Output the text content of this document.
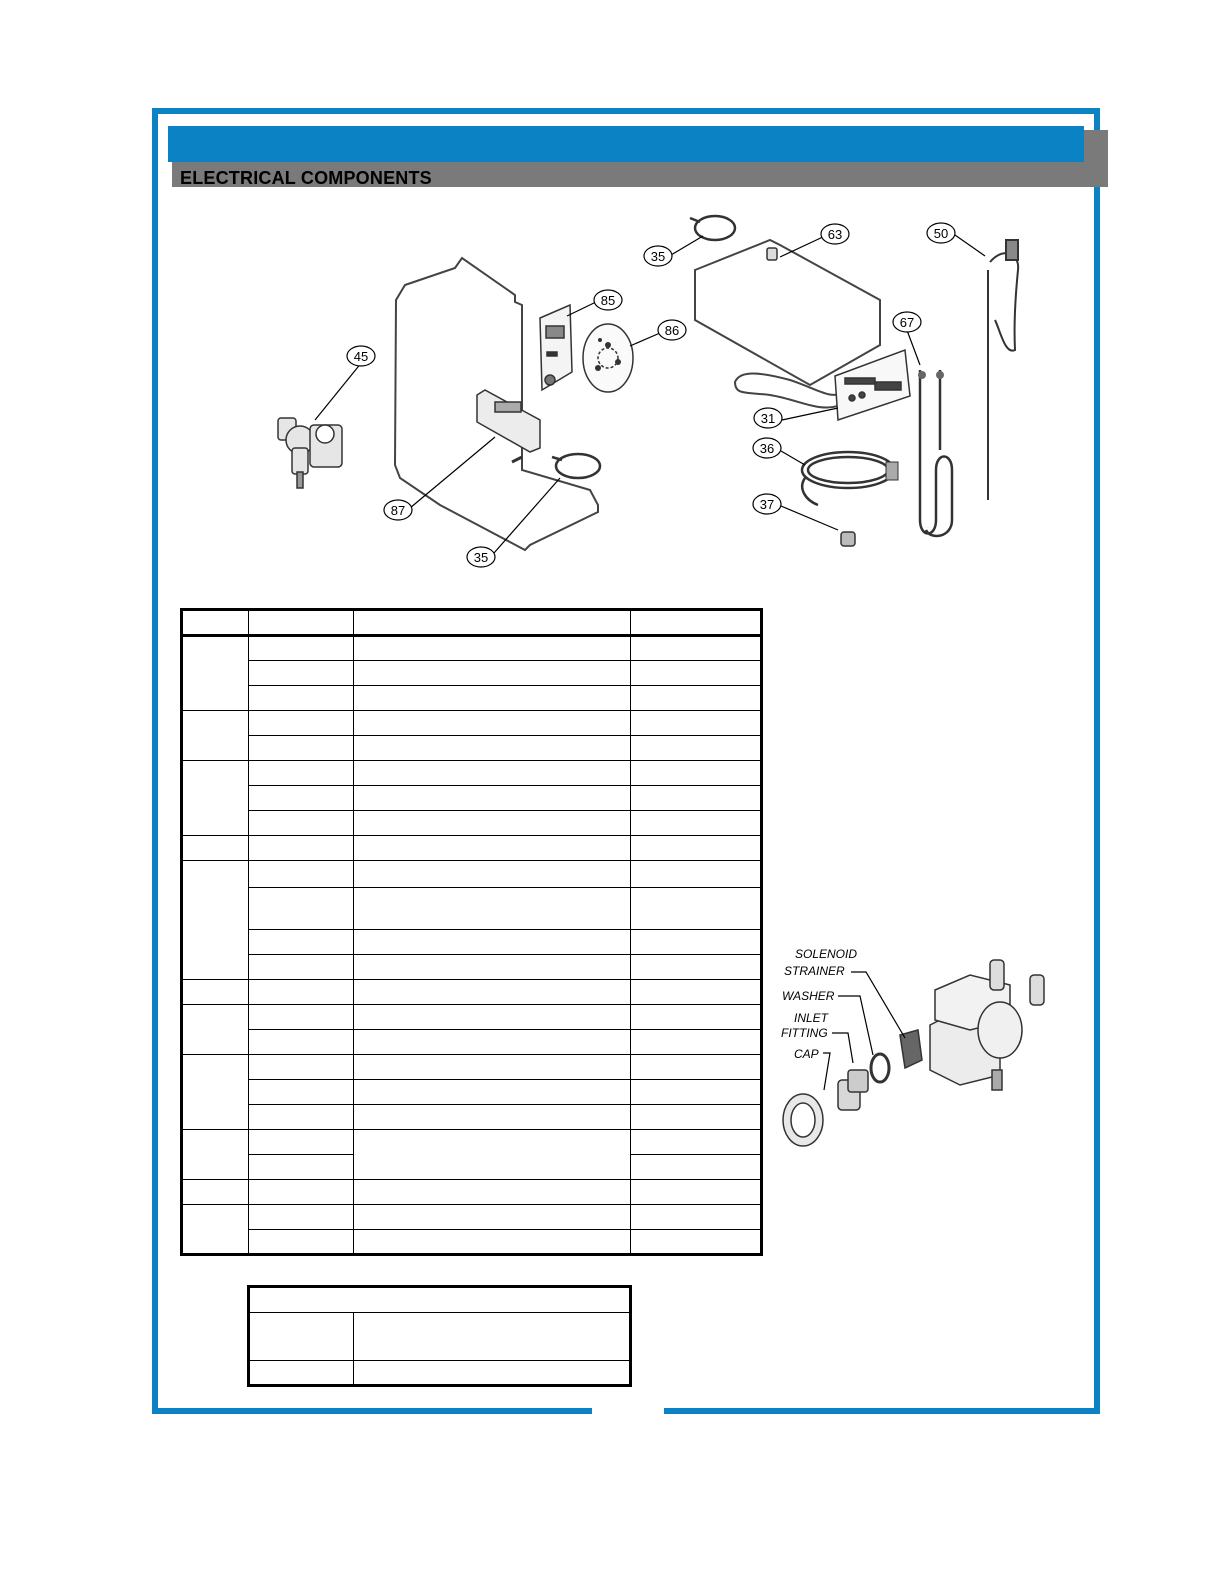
ELECTRICAL COMPONENTS
35
63	50
85
86
45
67
31
36
37
87
35
SOLENOID
STRAINER
WASHER
INLET
FITTING
CAP
